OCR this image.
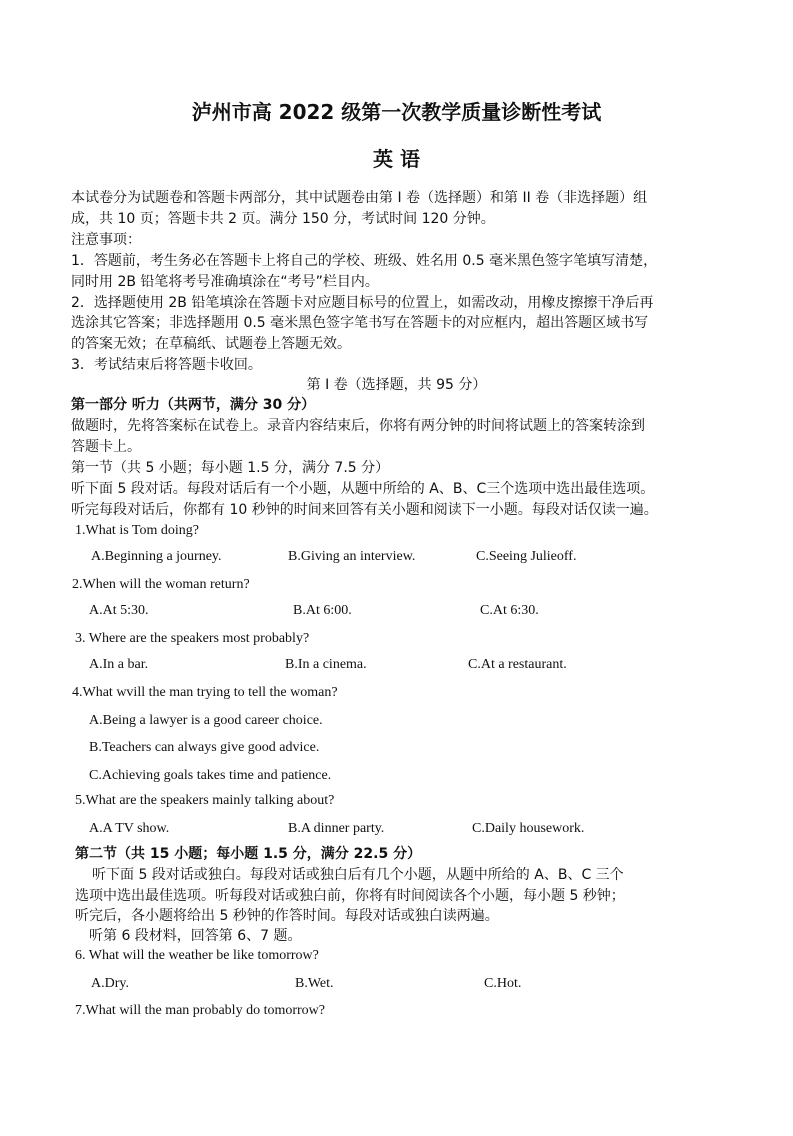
泸州市高 2022 级第一次教学质量诊断性考试
英 语
本试卷分为试题卷和答题卡两部分，其中试题卷由第 I 卷（选择题）和第 II 卷（非选择题）组
成，共 10 页；答题卡共 2 页。满分 150 分，考试时间 120 分钟。
注意事项：
1．答题前，考生务必在答题卡上将自己的学校、班级、姓名用 0.5 毫米黑色签字笔填写清楚，
同时用 2B 铅笔将考号准确填涂在“考号”栏目内。
2．选择题使用 2B 铅笔填涂在答题卡对应题目标号的位置上，如需改动，用橡皮擦擦干净后再
选涂其它答案；非选择题用 0.5 毫米黑色签字笔书写在答题卡的对应框内，超出答题区域书写
的答案无效；在草稿纸、试题卷上答题无效。
3．考试结束后将答题卡收回。
第 I 卷（选择题，共 95 分）
第一部分 听力（共两节，满分 30 分）
做题时，先将答案标在试卷上。录音内容结束后，你将有两分钟的时间将试题上的答案转涂到
答题卡上。
第一节（共 5 小题；每小题 1.5 分，满分 7.5 分）
听下面 5 段对话。每段对话后有一个小题，从题中所给的 A、B、C三个选项中选出最佳选项。
听完每段对话后，你都有 10 秒钟的时间来回答有关小题和阅读下一小题。每段对话仅读一遍。
1.What is Tom doing?
A.Beginning a journey.	B.Giving an interview.	C.Seeing Julieoff.
2.When will the woman return?
A.At 5:30.	B.At 6:00.	C.At 6:30.
3. Where are the speakers most probably?
A.In a bar.	B.In a cinema.	C.At a restaurant.
4.What wvill the man trying to tell the woman?
A.Being a lawyer is a good career choice.
B.Teachers can always give good advice.
C.Achieving goals takes time and patience.
5.What are the speakers mainly talking about?
A.A TV show.	B.A dinner party.	C.Daily housework.
第二节（共 15 小题；每小题 1.5 分，满分 22.5 分）
听下面 5 段对话或独白。每段对话或独白后有几个小题，从题中所给的 A、B、C 三个
选项中选出最佳选项。听每段对话或独白前，你将有时间阅读各个小题，每小题 5 秒钟；
听完后，各小题将给出 5 秒钟的作答时间。每段对话或独白读两遍。
听第 6 段材料，回答第 6、7 题。
6. What will the weather be like tomorrow?
A.Dry.	B.Wet.	C.Hot.
7.What will the man probably do tomorrow?
